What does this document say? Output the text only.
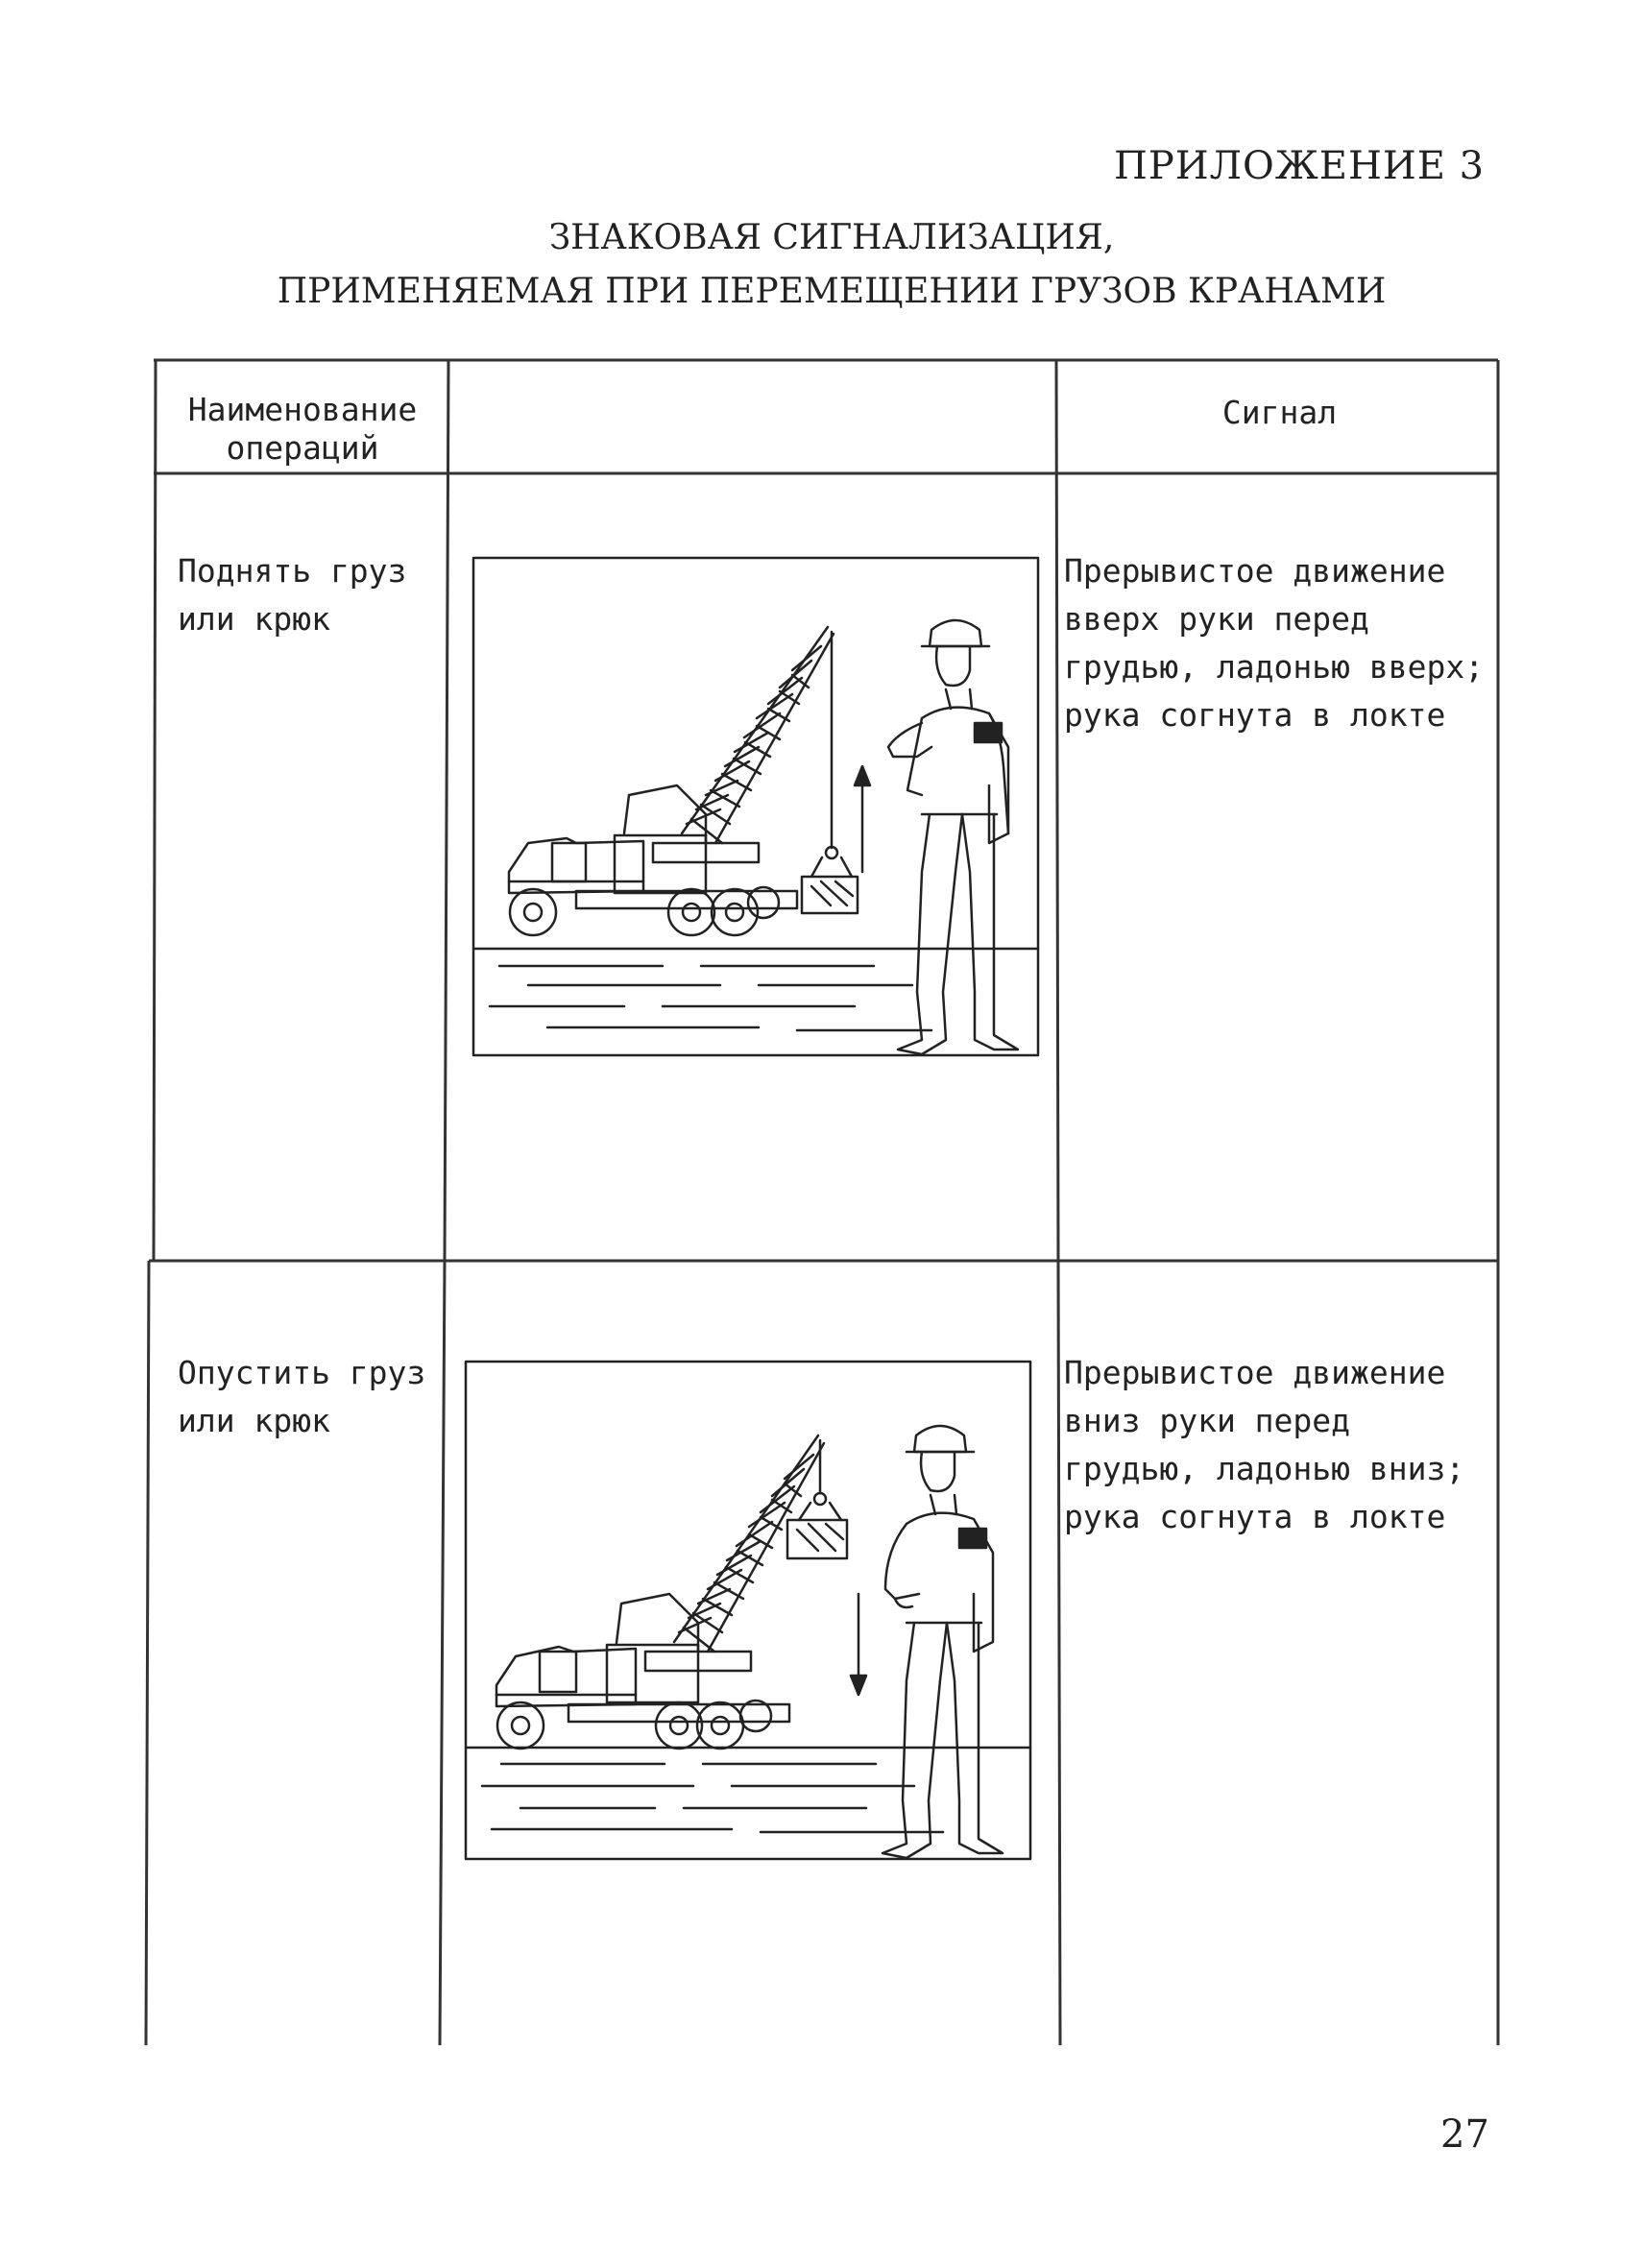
ПРИЛОЖЕНИЕ 3
ЗНАКОВАЯ СИГНАЛИЗАЦИЯ,
ПРИМЕНЯЕМАЯ ПРИ ПЕРЕМЕЩЕНИИ ГРУЗОВ КРАНАМИ
Наименование
операций
Сигнал
Поднять груз
или крюк
Прерывистое движение
вверх руки перед
грудью, ладонью вверх;
рука согнута в локте
Опустить груз
или крюк
Прерывистое движение
вниз руки перед
грудью, ладонью вниз;
рука согнута в локте
27
